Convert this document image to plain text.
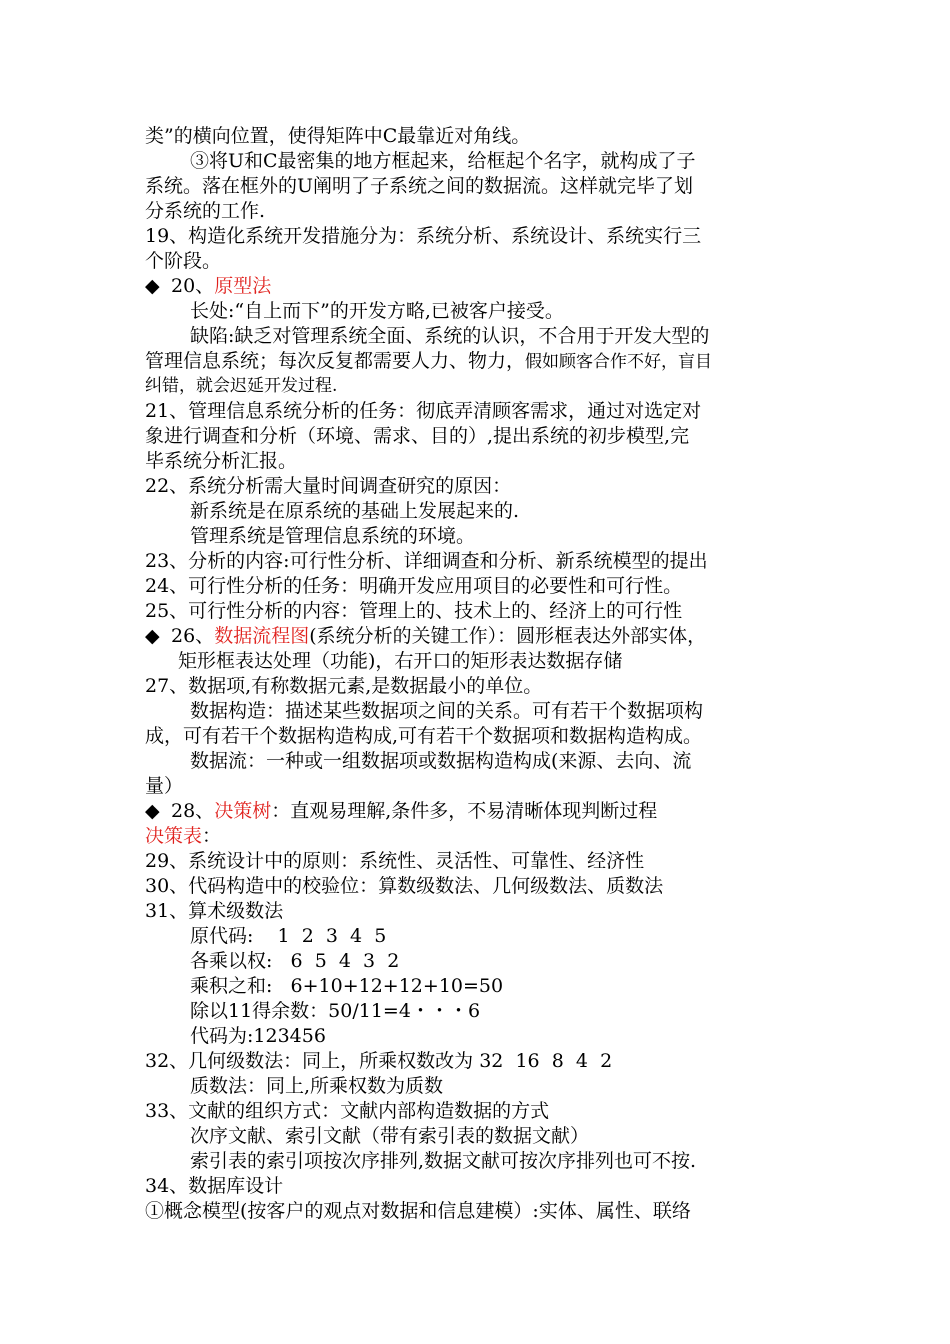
类”的横向位置，使得矩阵中C最靠近对角线。
③将U和C最密集的地方框起来，给框起个名字，就构成了子
系统。落在框外的U阐明了子系统之间的数据流。这样就完毕了划
分系统的工作.
19、构造化系统开发措施分为：系统分析、系统设计、系统实行三
个阶段。
◆ 20、原型法
长处:“自上而下”的开发方略,已被客户接受。
缺陷:缺乏对管理系统全面、系统的认识，不合用于开发大型的
管理信息系统；每次反复都需要人力、物力，假如顾客合作不好，盲目
纠错，就会迟延开发过程.
21、管理信息系统分析的任务：彻底弄清顾客需求，通过对选定对
象进行调查和分析（环境、需求、目的）,提出系统的初步模型,完
毕系统分析汇报。
22、系统分析需大量时间调查研究的原因：
新系统是在原系统的基础上发展起来的.
管理系统是管理信息系统的环境。
23、分析的内容:可行性分析、详细调查和分析、新系统模型的提出
24、可行性分析的任务：明确开发应用项目的必要性和可行性。
25、可行性分析的内容：管理上的、技术上的、经济上的可行性
◆ 26、数据流程图(系统分析的关键工作）：圆形框表达外部实体，
矩形框表达处理（功能)，右开口的矩形表达数据存储
27、数据项,有称数据元素,是数据最小的单位。
数据构造：描述某些数据项之间的关系。可有若干个数据项构
成，可有若干个数据构造构成,可有若干个数据项和数据构造构成。
数据流：一种或一组数据项或数据构造构成(来源、去向、流
量）
◆ 28、决策树：直观易理解,条件多，不易清晰体现判断过程
决策表：
29、系统设计中的原则：系统性、灵活性、可靠性、经济性
30、代码构造中的校验位：算数级数法、几何级数法、质数法
31、算术级数法
原代码:    1  2  3  4  5
各乘以权:   6  5  4  3  2
乘积之和:   6+10+12+12+10=50
除以11得余数：50/11=4・・・6
代码为:123456
32、几何级数法：同上，所乘权数改为 32  16  8  4  2
质数法：同上,所乘权数为质数
33、文献的组织方式：文献内部构造数据的方式
次序文献、索引文献（带有索引表的数据文献）
索引表的索引项按次序排列,数据文献可按次序排列也可不按.
34、数据库设计
①概念模型(按客户的观点对数据和信息建模）:实体、属性、联络
